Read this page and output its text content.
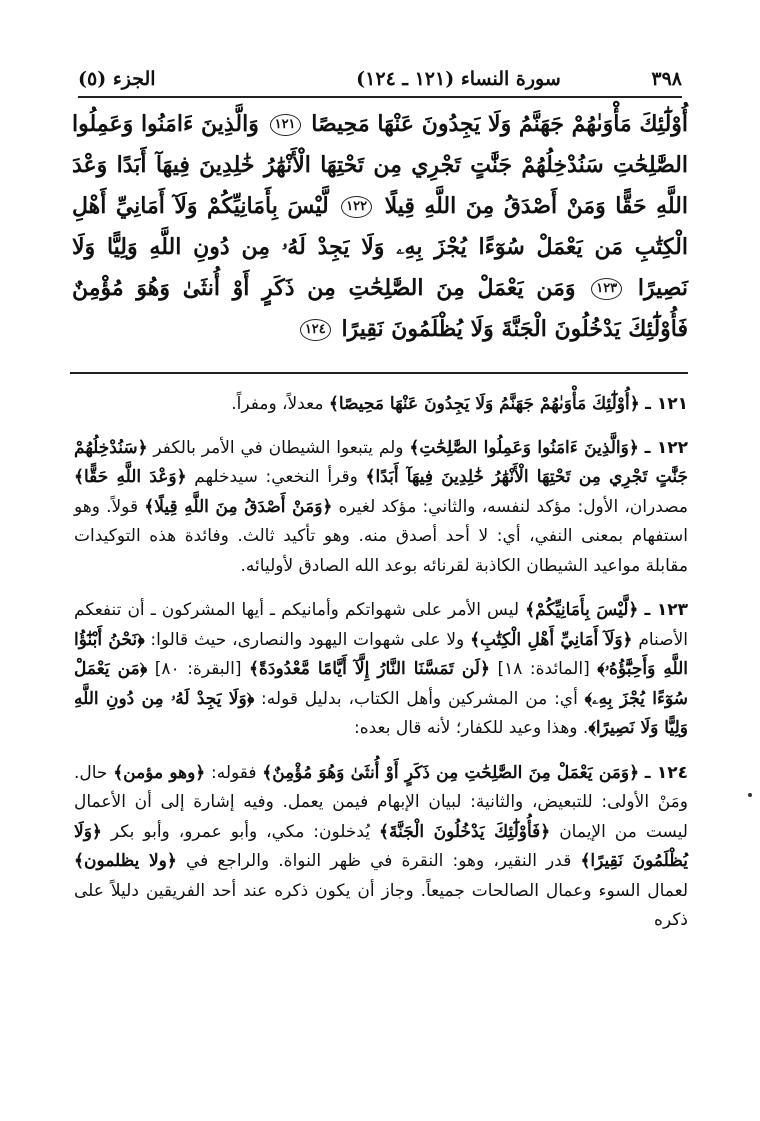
٣٩٨
سورة النساء (١٢١ ـ ١٢٤)
الجزء (٥)
أُوْلَٰٓئِكَ مَأْوَىٰهُمْ جَهَنَّمُ وَلَا يَجِدُونَ عَنْهَا مَحِيصًا ١٢١ وَالَّذِينَ ءَامَنُوا وَعَمِلُوا الصَّٰلِحَٰتِ سَنُدْخِلُهُمْ جَنَّٰتٍ تَجْرِي مِن تَحْتِهَا الْأَنْهَٰرُ خَٰلِدِينَ فِيهَآ أَبَدًا وَعْدَ اللَّهِ حَقًّا وَمَنْ أَصْدَقُ مِنَ اللَّهِ قِيلًا ١٢٢ لَّيْسَ بِأَمَانِيِّكُمْ وَلَآ أَمَانِيِّ أَهْلِ الْكِتَٰبِ مَن يَعْمَلْ سُوٓءًا يُجْزَ بِهِۦ وَلَا يَجِدْ لَهُۥ مِن دُونِ اللَّهِ وَلِيًّا وَلَا نَصِيرًا ١٢٣ وَمَن يَعْمَلْ مِنَ الصَّٰلِحَٰتِ مِن ذَكَرٍ أَوْ أُنثَىٰ وَهُوَ مُؤْمِنٌ فَأُوْلَٰٓئِكَ يَدْخُلُونَ الْجَنَّةَ وَلَا يُظْلَمُونَ نَقِيرًا ١٢٤

١٢١ ـ ﴿أُوْلَٰٓئِكَ مَأْوَىٰهُمْ جَهَنَّمُ وَلَا يَجِدُونَ عَنْهَا مَحِيصًا﴾ معدلاً، ومفراً.

١٢٢ ـ ﴿وَالَّذِينَ ءَامَنُوا وَعَمِلُوا الصَّٰلِحَٰتِ﴾ ولم يتبعوا الشيطان في الأمر بالكفر ﴿سَنُدْخِلُهُمْ جَنَّٰتٍ تَجْرِي مِن تَحْتِهَا الْأَنْهَٰرُ خَٰلِدِينَ فِيهَآ أَبَدًا﴾ وقرأ النخعي: سيدخلهم ﴿وَعْدَ اللَّهِ حَقًّا﴾ مصدران، الأول: مؤكد لنفسه، والثاني: مؤكد لغيره ﴿وَمَنْ أَصْدَقُ مِنَ اللَّهِ قِيلًا﴾ قولاً. وهو استفهام بمعنى النفي، أي: لا أحد أصدق منه. وهو تأكيد ثالث. وفائدة هذه التوكيدات مقابلة مواعيد الشيطان الكاذبة لقرنائه بوعد الله الصادق لأوليائه.

١٢٣ ـ ﴿لَّيْسَ بِأَمَانِيِّكُمْ﴾ ليس الأمر على شهواتكم وأمانيكم ـ أيها المشركون ـ أن تنفعكم الأصنام ﴿وَلَآ أَمَانِيِّ أَهْلِ الْكِتَٰبِ﴾ ولا على شهوات اليهود والنصارى، حيث قالوا: ﴿نَحْنُ أَبْنَٰٓؤُا اللَّهِ وَأَحِبَّٰٓؤُهُۥ﴾ [المائدة: ١٨] ﴿لَن تَمَسَّنَا النَّارُ إِلَّآ أَيَّامًا مَّعْدُودَةً﴾ [البقرة: ٨٠] ﴿مَن يَعْمَلْ سُوٓءًا يُجْزَ بِهِۦ﴾ أي: من المشركين وأهل الكتاب، بدليل قوله: ﴿وَلَا يَجِدْ لَهُۥ مِن دُونِ اللَّهِ وَلِيًّا وَلَا نَصِيرًا﴾. وهذا وعيد للكفار؛ لأنه قال بعده:

١٢٤ ـ ﴿وَمَن يَعْمَلْ مِنَ الصَّٰلِحَٰتِ مِن ذَكَرٍ أَوْ أُنثَىٰ وَهُوَ مُؤْمِنٌ﴾ فقوله: ﴿وهو مؤمن﴾ حال. ومَنْ الأولى: للتبعيض، والثانية: لبيان الإبهام فيمن يعمل. وفيه إشارة إلى أن الأعمال ليست من الإيمان ﴿فَأُوْلَٰٓئِكَ يَدْخُلُونَ الْجَنَّةَ﴾ يُدخلون: مكي، وأبو عمرو، وأبو بكر ﴿وَلَا يُظْلَمُونَ نَقِيرًا﴾ قدر النقير، وهو: النقرة في ظهر النواة. والراجع في ﴿ولا يظلمون﴾ لعمال السوء وعمال الصالحات جميعاً. وجاز أن يكون ذكره عند أحد الفريقين دليلاً على ذكره
